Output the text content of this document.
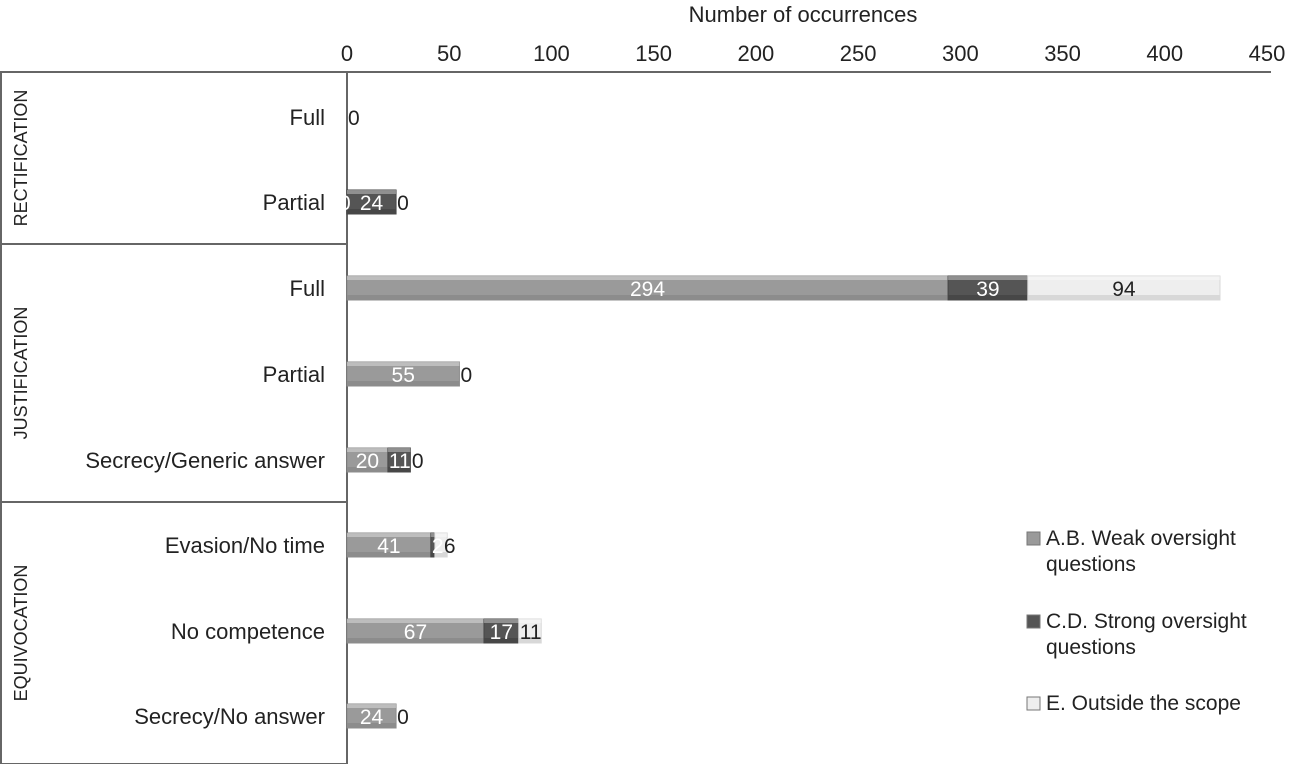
Number of occurrences
0	50	100	150	200	250	300	350	400	450
Full
Partial
Full
Partial
Secrecy/Generic answer
Evasion/No time
No competence
Secrecy/No answer
RECTIFICATION
JUSTIFICATION
EQUIVOCATION
0
0 24 0
294	39	94
55 0
20 11 0
41 2 6
67	17 11
24 0
A.B. Weak oversight
questions
C.D. Strong oversight
questions
E. Outside the scope
